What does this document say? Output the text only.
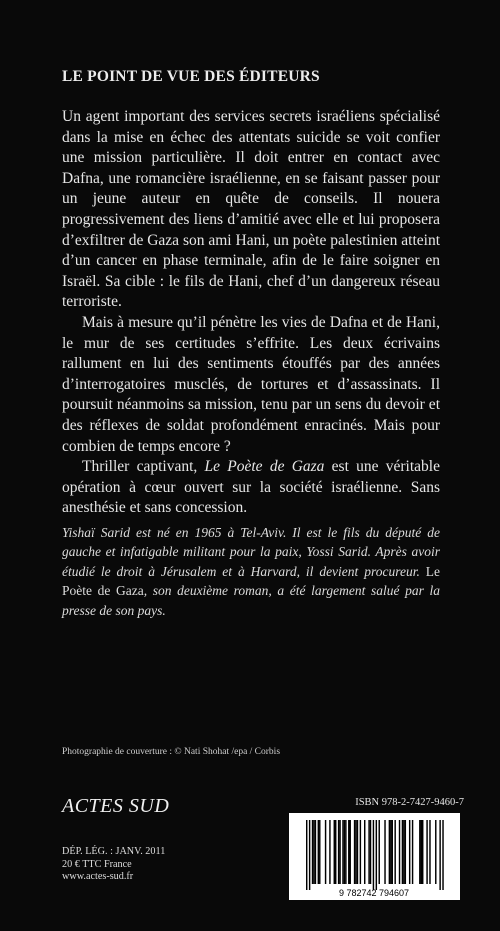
LE POINT DE VUE DES ÉDITEURS

Un agent important des services secrets israéliens spécialisé dans la mise en échec des attentats suicide se voit confier une mission particulière. Il doit entrer en contact avec Dafna, une romancière israélienne, en se faisant passer pour un jeune auteur en quête de conseils. Il nouera progressivement des liens d’amitié avec elle et lui proposera d’exfiltrer de Gaza son ami Hani, un poète palestinien atteint d’un cancer en phase terminale, afin de le faire soigner en Israël. Sa cible : le fils de Hani, chef d’un dangereux réseau terroriste.

Mais à mesure qu’il pénètre les vies de Dafna et de Hani, le mur de ses certitudes s’effrite. Les deux écrivains rallument en lui des sentiments étouffés par des années d’interrogatoires musclés, de tortures et d’assassinats. Il poursuit néanmoins sa mission, tenu par un sens du devoir et des réflexes de soldat profondément enracinés. Mais pour combien de temps encore ?

Thriller captivant, Le Poète de Gaza est une véritable opération à cœur ouvert sur la société israélienne. Sans anesthésie et sans concession.

Yishaï Sarid est né en 1965 à Tel-Aviv. Il est le fils du député de gauche et infatigable militant pour la paix, Yossi Sarid. Après avoir étudié le droit à Jérusalem et à Harvard, il devient procureur. Le Poète de Gaza, son deuxième roman, a été largement salué par la presse de son pays.

Photographie de couverture : © Nati Shohat /epa / Corbis

ACTES SUD
DÉP. LÉG. : JANV. 2011
20 € TTC France
www.actes-sud.fr
ISBN 978-2-7427-9460-7
9 782742 794607
